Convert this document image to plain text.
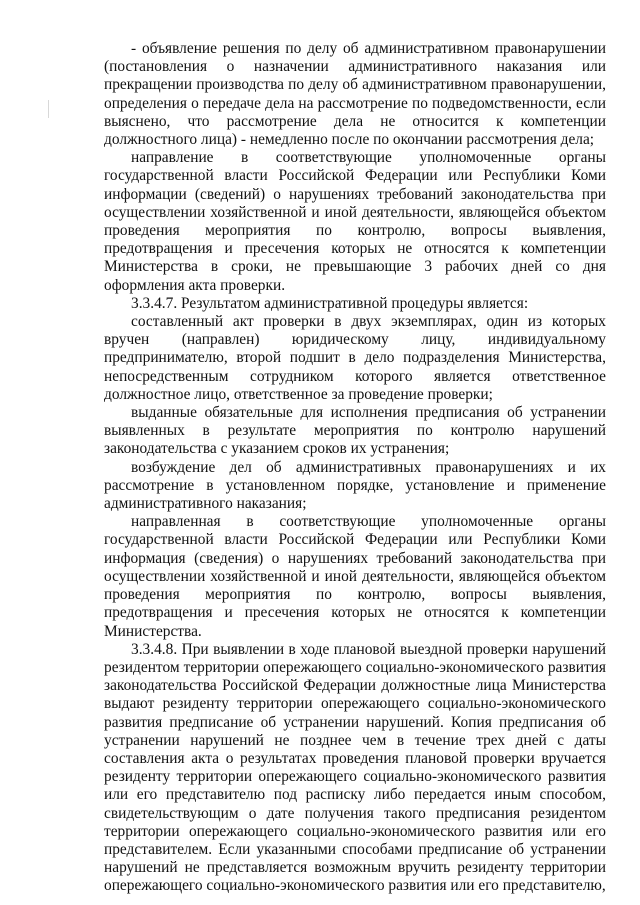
- объявление решения по делу об административном правонарушении (постановления о назначении административного наказания или прекращении производства по делу об административном правонарушении, определения о передаче дела на рассмотрение по подведомственности, если выяснено, что рассмотрение дела не относится к компетенции должностного лица) - немедленно после по окончании рассмотрения дела;

направление в соответствующие уполномоченные органы государственной власти Российской Федерации или Республики Коми информации (сведений) о нарушениях требований законодательства при осуществлении хозяйственной и иной деятельности, являющейся объектом проведения мероприятия по контролю, вопросы выявления, предотвращения и пресечения которых не относятся к компетенции Министерства в сроки, не превышающие 3 рабочих дней со дня оформления акта проверки.

3.3.4.7. Результатом административной процедуры является:

составленный акт проверки в двух экземплярах, один из которых вручен (направлен) юридическому лицу, индивидуальному предпринимателю, второй подшит в дело подразделения Министерства, непосредственным сотрудником которого является ответственное должностное лицо, ответственное за проведение проверки;

выданные обязательные для исполнения предписания об устранении выявленных в результате мероприятия по контролю нарушений законодательства с указанием сроков их устранения;

возбуждение дел об административных правонарушениях и их рассмотрение в установленном порядке, установление и применение административного наказания;

направленная в соответствующие уполномоченные органы государственной власти Российской Федерации или Республики Коми информация (сведения) о нарушениях требований законодательства при осуществлении хозяйственной и иной деятельности, являющейся объектом проведения мероприятия по контролю, вопросы выявления, предотвращения и пресечения которых не относятся к компетенции Министерства.

3.3.4.8. При выявлении в ходе плановой выездной проверки нарушений резидентом территории опережающего социально-экономического развития законодательства Российской Федерации должностные лица Министерства выдают резиденту территории опережающего социально-экономического развития предписание об устранении нарушений. Копия предписания об устранении нарушений не позднее чем в течение трех дней с даты составления акта о результатах проведения плановой проверки вручается резиденту территории опережающего социально-экономического развития или его представителю под расписку либо передается иным способом, свидетельствующим о дате получения такого предписания резидентом территории опережающего социально-экономического развития или его представителем. Если указанными способами предписание об устранении нарушений не представляется возможным вручить резиденту территории опережающего социально-экономического развития или его представителю,
